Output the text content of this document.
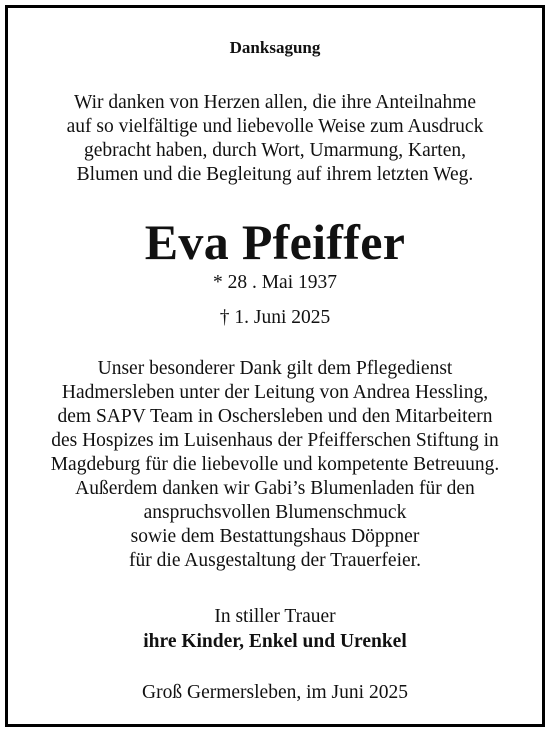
Danksagung
Wir danken von Herzen allen, die ihre Anteilnahme
auf so vielfältige und liebevolle Weise zum Ausdruck
gebracht haben, durch Wort, Umarmung, Karten,
Blumen und die Begleitung auf ihrem letzten Weg.
Eva Pfeiffer
* 28 . Mai 1937
† 1. Juni 2025
Unser besonderer Dank gilt dem Pflegedienst
Hadmersleben unter der Leitung von Andrea Hessling,
dem SAPV Team in Oschersleben und den Mitarbeitern
des Hospizes im Luisenhaus der Pfeifferschen Stiftung in
Magdeburg für die liebevolle und kompetente Betreuung.
Außerdem danken wir Gabi’s Blumenladen für den
anspruchsvollen Blumenschmuck
sowie dem Bestattungshaus Döppner
für die Ausgestaltung der Trauerfeier.
In stiller Trauer
ihre Kinder, Enkel und Urenkel
Groß Germersleben, im Juni 2025
